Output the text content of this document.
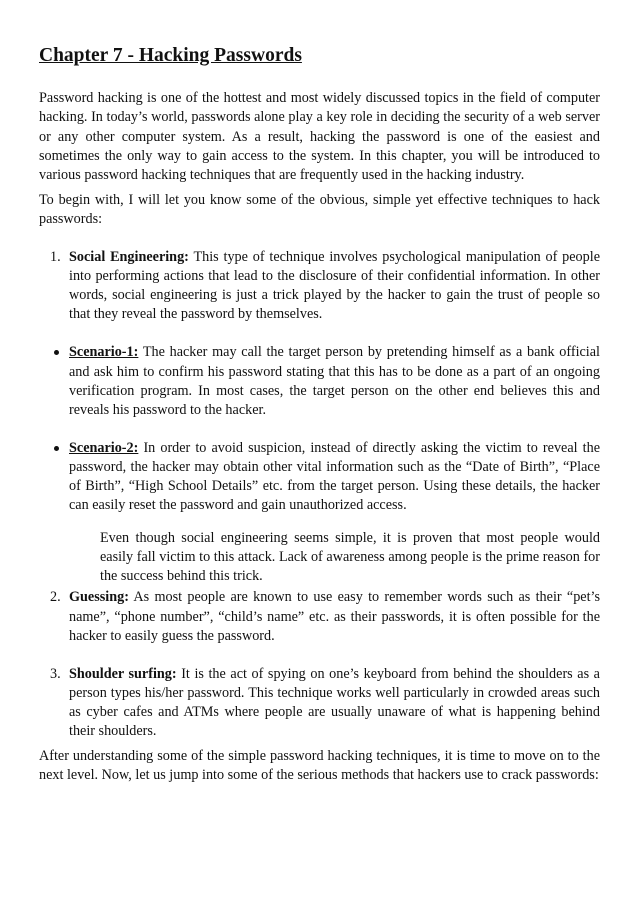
Chapter 7 - Hacking Passwords

Password hacking is one of the hottest and most widely discussed topics in the field of computer hacking. In today’s world, passwords alone play a key role in deciding the security of a web server or any other computer system. As a result, hacking the password is one of the easiest and sometimes the only way to gain access to the system. In this chapter, you will be introduced to various password hacking techniques that are frequently used in the hacking industry.

To begin with, I will let you know some of the obvious, simple yet effective techniques to hack passwords:

1. Social Engineering: This type of technique involves psychological manipulation of people into performing actions that lead to the disclosure of their confidential information. In other words, social engineering is just a trick played by the hacker to gain the trust of people so that they reveal the password by themselves.

Scenario-1: The hacker may call the target person by pretending himself as a bank official and ask him to confirm his password stating that this has to be done as a part of an ongoing verification program. In most cases, the target person on the other end believes this and reveals his password to the hacker.

Scenario-2: In order to avoid suspicion, instead of directly asking the victim to reveal the password, the hacker may obtain other vital information such as the “Date of Birth”, “Place of Birth”, “High School Details” etc. from the target person. Using these details, the hacker can easily reset the password and gain unauthorized access.

Even though social engineering seems simple, it is proven that most people would easily fall victim to this attack. Lack of awareness among people is the prime reason for the success behind this trick.

2. Guessing: As most people are known to use easy to remember words such as their “pet’s name”, “phone number”, “child’s name” etc. as their passwords, it is often possible for the hacker to easily guess the password.

3. Shoulder surfing: It is the act of spying on one’s keyboard from behind the shoulders as a person types his/her password. This technique works well particularly in crowded areas such as cyber cafes and ATMs where people are usually unaware of what is happening behind their shoulders.

After understanding some of the simple password hacking techniques, it is time to move on to the next level. Now, let us jump into some of the serious methods that hackers use to crack passwords:
